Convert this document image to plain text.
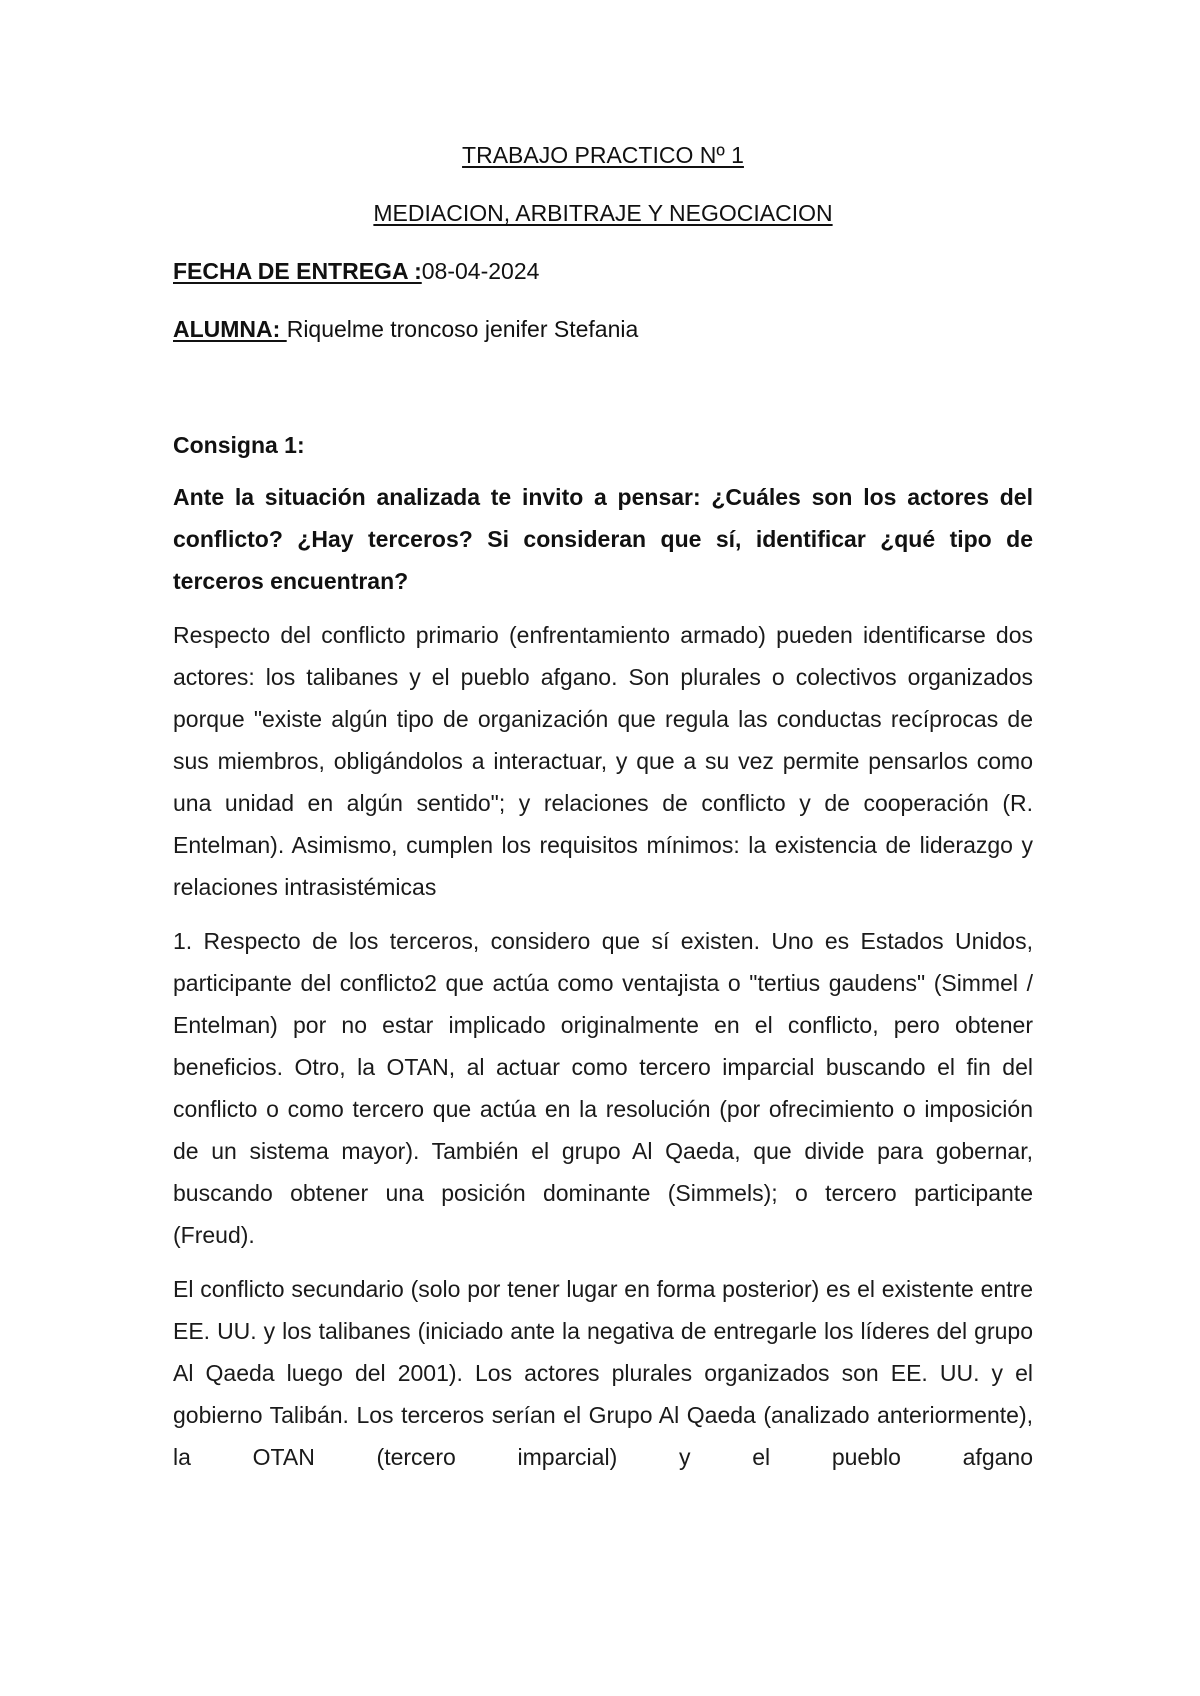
TRABAJO PRACTICO Nº 1

MEDIACION, ARBITRAJE Y NEGOCIACION

FECHA DE ENTREGA :08-04-2024

ALUMNA: Riquelme troncoso jenifer Stefania

Consigna 1:

Ante la situación analizada te invito a pensar: ¿Cuáles son los actores del conflicto? ¿Hay terceros? Si consideran que sí, identificar ¿qué tipo de terceros encuentran?

Respecto del conflicto primario (enfrentamiento armado) pueden identificarse dos actores: los talibanes y el pueblo afgano. Son plurales o colectivos organizados porque "existe algún tipo de organización que regula las conductas recíprocas de sus miembros, obligándolos a interactuar, y que a su vez permite pensarlos como una unidad en algún sentido"; y relaciones de conflicto y de cooperación (R. Entelman). Asimismo, cumplen los requisitos mínimos: la existencia de liderazgo y relaciones intrasistémicas

1. Respecto de los terceros, considero que sí existen. Uno es Estados Unidos, participante del conflicto2 que actúa como ventajista o "tertius gaudens" (Simmel / Entelman) por no estar implicado originalmente en el conflicto, pero obtener beneficios. Otro, la OTAN, al actuar como tercero imparcial buscando el fin del conflicto o como tercero que actúa en la resolución (por ofrecimiento o imposición de un sistema mayor). También el grupo Al Qaeda, que divide para gobernar, buscando obtener una posición dominante (Simmels); o tercero participante (Freud).

El conflicto secundario (solo por tener lugar en forma posterior) es el existente entre EE. UU. y los talibanes (iniciado ante la negativa de entregarle los líderes del grupo Al Qaeda luego del 2001). Los actores plurales organizados son EE. UU. y el gobierno Talibán. Los terceros serían el Grupo Al Qaeda (analizado anteriormente), la OTAN (tercero imparcial) y el pueblo afgano
